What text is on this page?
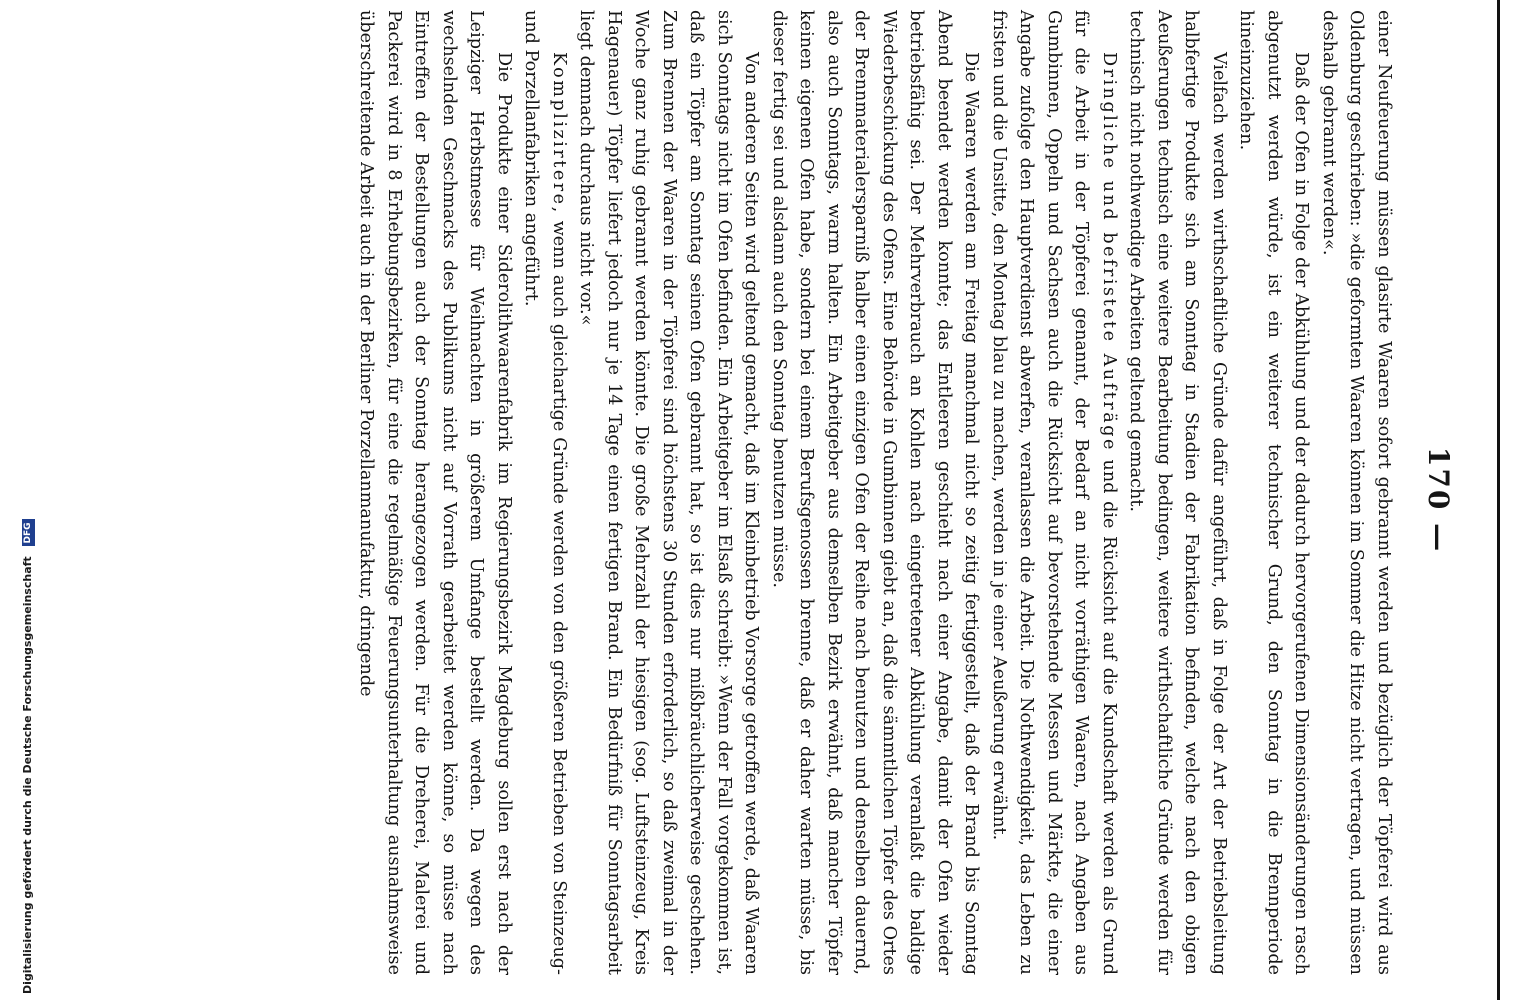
Digitalisierung gefördert durch die Deutsche Forschungsgemeinschaft DFG	170 —

einer Neufeuerung müssen glasirte Waaren sofort gebrannt werden und bezüglich der Töpferei wird aus Oldenburg geschrieben: »die geformten Waaren können im Sommer die Hitze nicht vertragen, und müssen deshalb gebrannt werden«.

Daß der Ofen in Folge der Abkühlung und der dadurch hervorgerufenen Dimensionsänderungen rasch abgenutzt werden würde, ist ein weiterer technischer Grund, den Sonntag in die Brennperiode hineinzuziehen.

Vielfach werden wirthschaftliche Gründe dafür angeführt, daß in Folge der Art der Betriebsleitung halbfertige Produkte sich am Sonntag in Stadien der Fabrikation befinden, welche nach den obigen Aeußerungen technisch eine weitere Bearbeitung bedingen, weitere wirthschaftliche Gründe werden für technisch nicht nothwendige Arbeiten geltend gemacht.

Dringliche und befristete Aufträge und die Rücksicht auf die Kundschaft werden als Grund für die Arbeit in der Töpferei genannt, der Bedarf an nicht vorräthigen Waaren, nach Angaben aus Gumbinnen, Oppeln und Sachsen auch die Rücksicht auf bevorstehende Messen und Märkte, die einer Angabe zufolge den Hauptverdienst abwerfen, veranlassen die Arbeit. Die Nothwendigkeit, das Leben zu fristen und die Unsitte, den Montag blau zu machen, werden in je einer Aeußerung erwähnt.

Die Waaren werden am Freitag manchmal nicht so zeitig fertiggestellt, daß der Brand bis Sonntag Abend beendet werden konnte; das Entleeren geschieht nach einer Angabe, damit der Ofen wieder betriebsfähig sei. Der Mehrverbrauch an Kohlen nach eingetretener Abkühlung veranlaßt die baldige Wiederbeschickung des Ofens. Eine Behörde in Gumbinnen giebt an, daß die sämmtlichen Töpfer des Ortes der Brennmaterialersparniß halber einen einzigen Ofen der Reihe nach benutzen und denselben dauernd, also auch Sonntags, warm halten. Ein Arbeitgeber aus demselben Bezirk erwähnt, daß mancher Töpfer keinen eigenen Ofen habe, sondern bei einem Berufsgenossen brenne, daß er daher warten müsse, bis dieser fertig sei und alsdann auch den Sonntag benutzen müsse.

Von anderen Seiten wird geltend gemacht, daß im Kleinbetrieb Vorsorge getroffen werde, daß Waaren sich Sonntags nicht im Ofen befinden. Ein Arbeitgeber im Elsaß schreibt: »Wenn der Fall vorgekommen ist, daß ein Töpfer am Sonntag seinen Ofen gebrannt hat, so ist dies nur mißbräuchlicherweise geschehen. Zum Brennen der Waaren in der Töpferei sind höchstens 30 Stunden erforderlich, so daß zweimal in der Woche ganz ruhig gebrannt werden könnte. Die große Mehrzahl der hiesigen (sog. Luftsteinzeug, Kreis Hagenauer) Töpfer liefert jedoch nur je 14 Tage einen fertigen Brand. Ein Bedürfniß für Sonntagsarbeit liegt demnach durchaus nicht vor.«

Komplizirtere, wenn auch gleichartige Gründe werden von den größeren Betrieben von Steinzeug- und Porzellanfabriken angeführt.

Die Produkte einer Siderolithwaarenfabrik im Regierungsbezirk Magdeburg sollen erst nach der Leipziger Herbstmesse für Weihnachten in größerem Umfange bestellt werden. Da wegen des wechselnden Geschmacks des Publikums nicht auf Vorrath gearbeitet werden könne, so müsse nach Eintreffen der Bestellungen auch der Sonntag herangezogen werden. Für die Dreherei, Malerei und Packerei wird in 8 Erhebungsbezirken, für eine die regelmäßige Feuerungsunterhaltung ausnahmsweise überschreitende Arbeit auch in der Berliner Porzellanmanufaktur, dringende
